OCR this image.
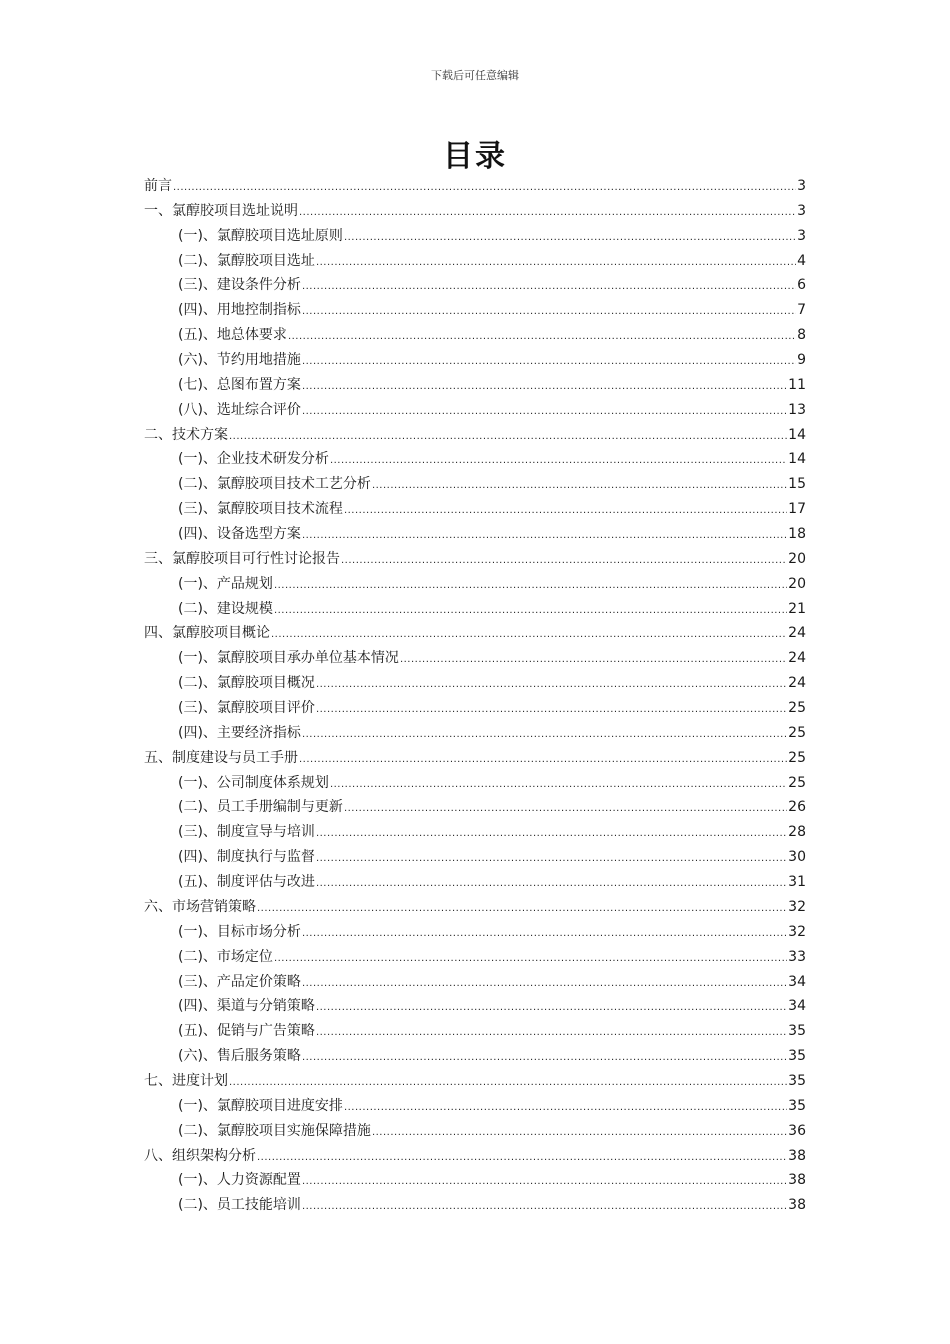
下载后可任意编辑
目录
前言 .....	3
一、氯醇胶项目选址说明 .....	3
(一)、氯醇胶项目选址原则 .....	3
(二)、氯醇胶项目选址 .....	4
(三)、建设条件分析 .....	6
(四)、用地控制指标 .....	7
(五)、地总体要求 .....	8
(六)、节约用地措施 .....	9
(七)、总图布置方案 .....	11
(八)、选址综合评价 .....	13
二、技术方案 .....	14
(一)、企业技术研发分析 .....	14
(二)、氯醇胶项目技术工艺分析 .....	15
(三)、氯醇胶项目技术流程 .....	17
(四)、设备选型方案 .....	18
三、氯醇胶项目可行性讨论报告 .....	20
(一)、产品规划 .....	20
(二)、建设规模 .....	21
四、氯醇胶项目概论 .....	24
(一)、氯醇胶项目承办单位基本情况 .....	24
(二)、氯醇胶项目概况 .....	24
(三)、氯醇胶项目评价 .....	25
(四)、主要经济指标 .....	25
五、制度建设与员工手册 .....	25
(一)、公司制度体系规划 .....	25
(二)、员工手册编制与更新 .....	26
(三)、制度宣导与培训 .....	28
(四)、制度执行与监督 .....	30
(五)、制度评估与改进 .....	31
六、市场营销策略 .....	32
(一)、目标市场分析 .....	32
(二)、市场定位 .....	33
(三)、产品定价策略 .....	34
(四)、渠道与分销策略 .....	34
(五)、促销与广告策略 .....	35
(六)、售后服务策略 .....	35
七、进度计划 .....	35
(一)、氯醇胶项目进度安排 .....	35
(二)、氯醇胶项目实施保障措施 .....	36
八、组织架构分析 .....	38
(一)、人力资源配置 .....	38
(二)、员工技能培训 .....	38
